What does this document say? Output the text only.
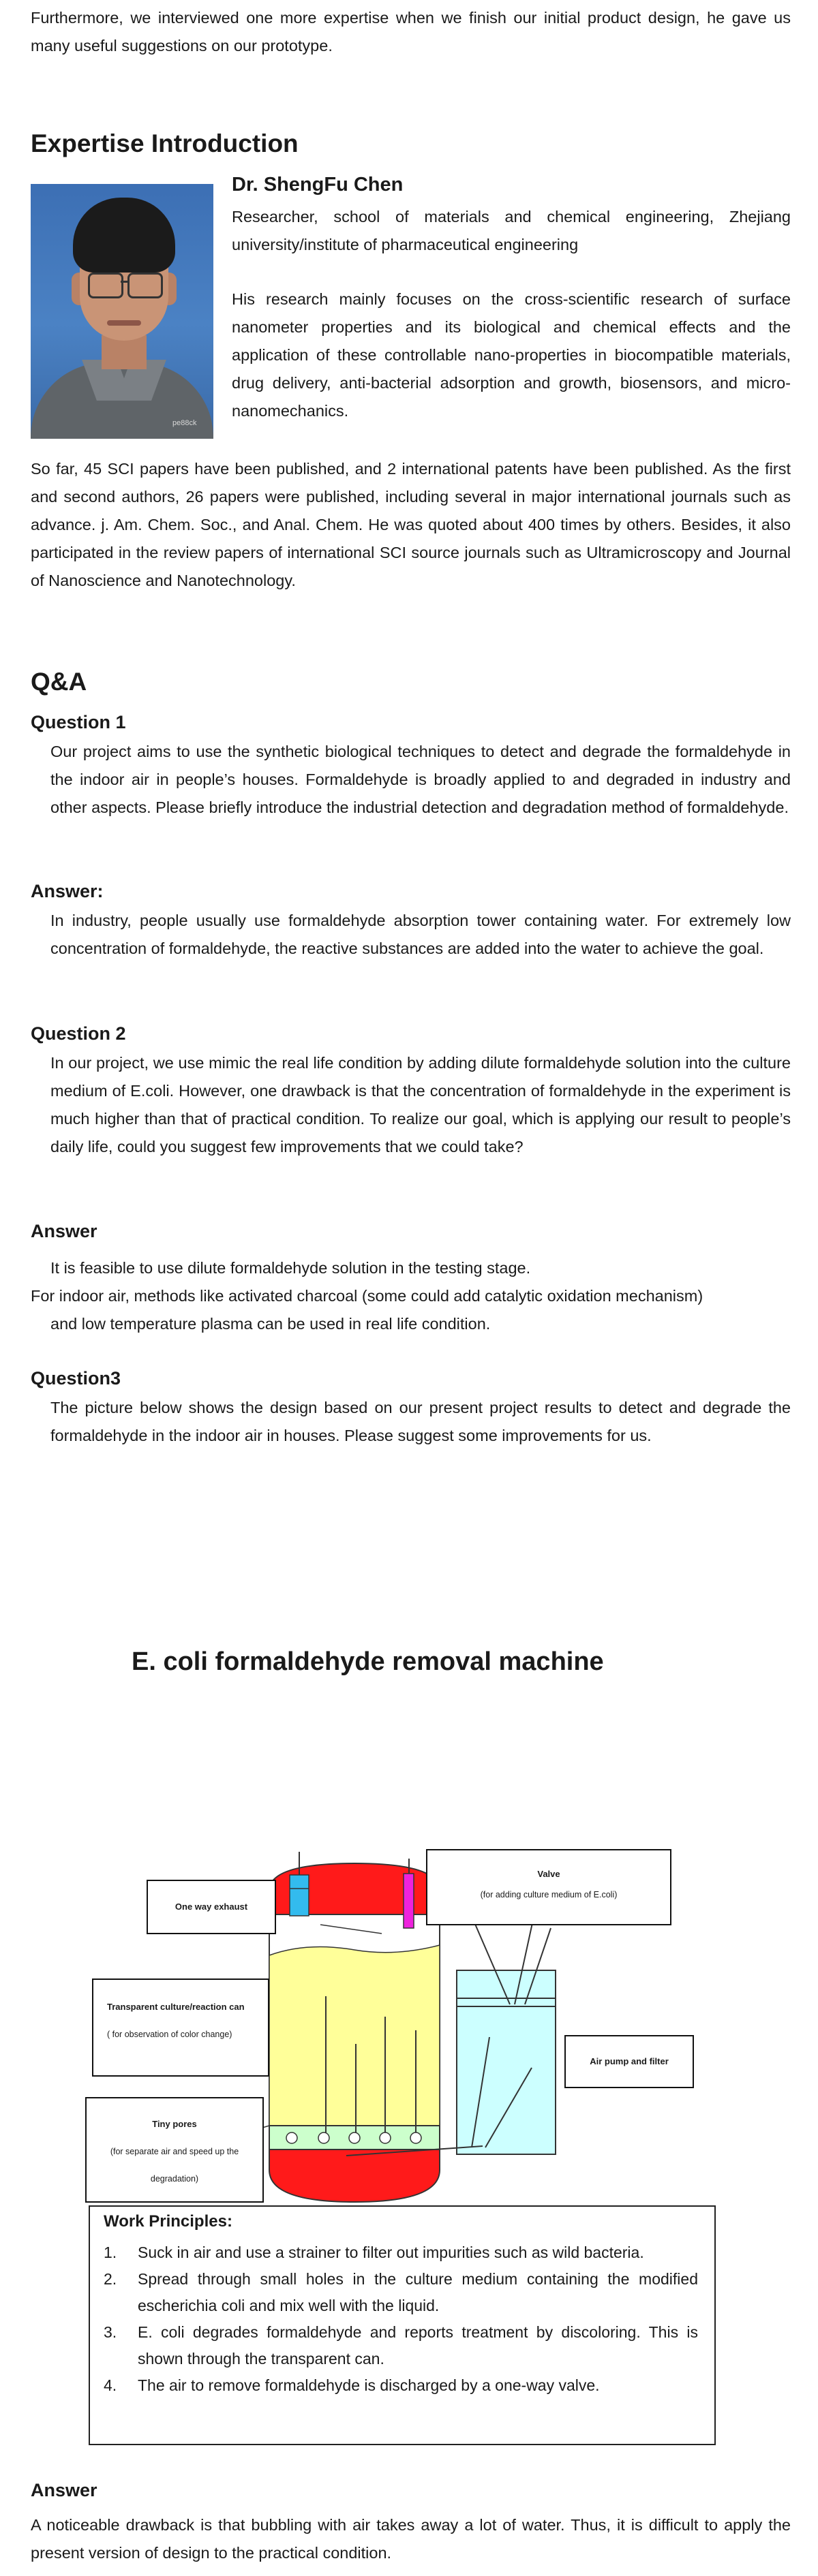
Furthermore, we interviewed one more expertise when we finish our initial product design, he gave us many useful suggestions on our prototype.
Expertise Introduction
pe88ck
Dr. ShengFu Chen
Researcher, school of materials and chemical engineering, Zhejiang university/institute of pharmaceutical engineering
His research mainly focuses on the cross-scientific research of surface nanometer properties and its biological and chemical effects and the application of these controllable nano-properties in biocompatible materials, drug delivery, anti-bacterial adsorption and growth, biosensors, and micro- nanomechanics.
So far, 45 SCI papers have been published, and 2 international patents have been published. As the first and second authors, 26 papers were published, including several in major international journals such as advance. j. Am. Chem. Soc., and Anal. Chem. He was quoted about 400 times by others. Besides, it also participated in the review papers of international SCI source journals such as Ultramicroscopy and Journal of Nanoscience and Nanotechnology.
Q&A
Question 1
Our project aims to use the synthetic biological techniques to detect and degrade the formaldehyde in the indoor air in people’s houses. Formaldehyde is broadly applied to and degraded in industry and other aspects. Please briefly introduce the industrial detection and degradation method of formaldehyde.
Answer:
In industry, people usually use formaldehyde absorption tower containing water. For extremely low concentration of formaldehyde, the reactive substances are added into the water to achieve the goal.
Question 2
In our project, we use mimic the real life condition by adding dilute formaldehyde solution into the culture medium of E.coli. However, one drawback is that the concentration of formaldehyde in the experiment is much higher than that of practical condition. To realize our goal, which is applying our result to people’s daily life, could you suggest few improvements that we could take?
Answer
It is feasible to use dilute formaldehyde solution in the testing stage.
For indoor air, methods like activated charcoal (some could add catalytic oxidation mechanism)
and low temperature plasma can be used in real life condition.
Question3
The picture below shows the design based on our present project results to detect and degrade the formaldehyde in the indoor air in houses. Please suggest some improvements for us.
E. coli formaldehyde removal machine
Valve
(for adding culture medium of E.coli)
One way exhaust
Transparent culture/reaction can
( for observation of color change)
Tiny pores
(for separate air and speed up the degradation)
Air pump and filter
Work Principles:
1. Suck in air and use a strainer to filter out impurities such as wild bacteria.
2. Spread through small holes in the culture medium containing the modified escherichia coli and mix well with the liquid.
3. E. coli degrades formaldehyde and reports treatment by discoloring. This is shown through the transparent can.
4. The air to remove formaldehyde is discharged by a one-way valve.
Answer
A noticeable drawback is that bubbling with air takes away a lot of water. Thus, it is difficult to apply the present version of design to the practical condition.
